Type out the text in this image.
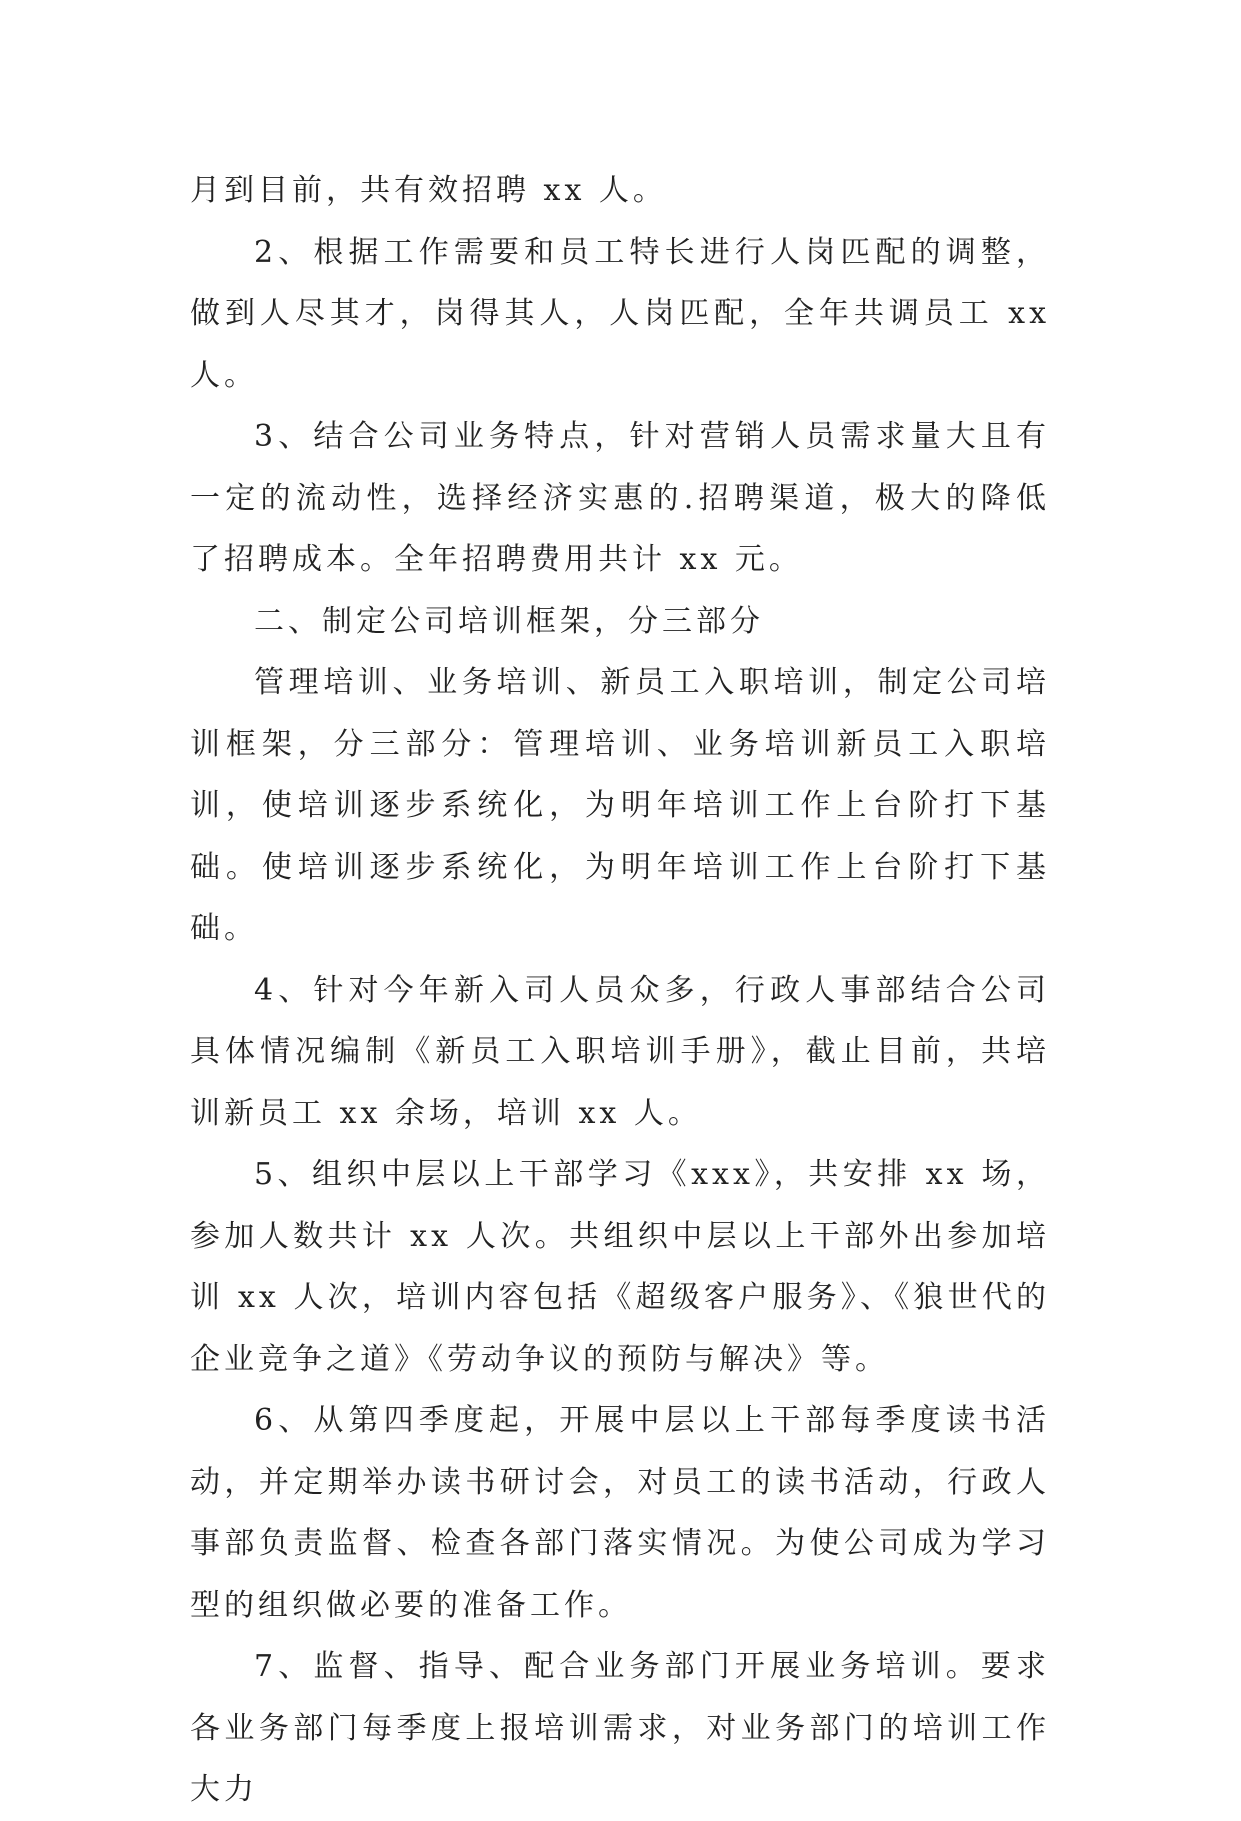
月到目前，共有效招聘 xx 人。

2、根据工作需要和员工特长进行人岗匹配的调整，做到人尽其才，岗得其人，人岗匹配，全年共调员工 xx 人。

3、结合公司业务特点，针对营销人员需求量大且有一定的流动性，选择经济实惠的.招聘渠道，极大的降低了招聘成本。全年招聘费用共计 xx 元。

二、制定公司培训框架，分三部分

管理培训、业务培训、新员工入职培训，制定公司培训框架，分三部分：管理培训、业务培训新员工入职培训，使培训逐步系统化，为明年培训工作上台阶打下基础。使培训逐步系统化，为明年培训工作上台阶打下基础。

4、针对今年新入司人员众多，行政人事部结合公司具体情况编制《新员工入职培训手册》，截止目前，共培训新员工 xx 余场，培训 xx 人。

5、组织中层以上干部学习《xxx》，共安排 xx 场，参加人数共计 xx 人次。共组织中层以上干部外出参加培训 xx 人次，培训内容包括《超级客户服务》、《狼世代的企业竞争之道》《劳动争议的预防与解决》等。

6、从第四季度起，开展中层以上干部每季度读书活动，并定期举办读书研讨会，对员工的读书活动，行政人事部负责监督、检查各部门落实情况。为使公司成为学习型的组织做必要的准备工作。

7、监督、指导、配合业务部门开展业务培训。要求各业务部门每季度上报培训需求，对业务部门的培训工作大力
